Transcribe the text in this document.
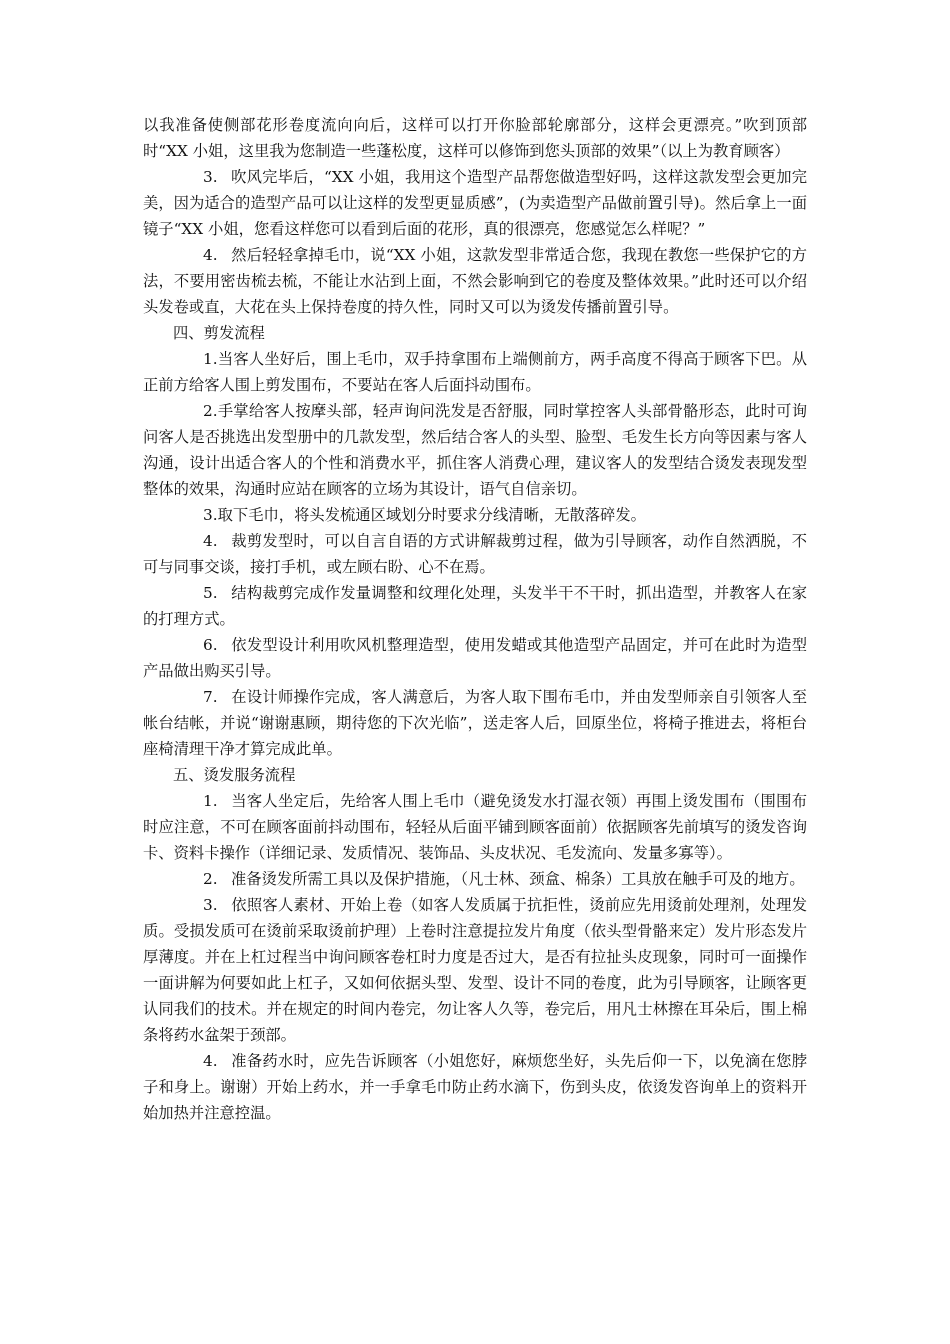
以我准备使侧部花形卷度流向向后，这样可以打开你脸部轮廓部分，这样会更漂亮。”吹到顶部时“XX 小姐，这里我为您制造一些蓬松度，这样可以修饰到您头顶部的效果”（以上为教育顾客）

3. 吹风完毕后，“XX 小姐，我用这个造型产品帮您做造型好吗，这样这款发型会更加完美，因为适合的造型产品可以让这样的发型更显质感”，(为卖造型产品做前置引导)。然后拿上一面镜子“XX 小姐，您看这样您可以看到后面的花形，真的很漂亮，您感觉怎么样呢？”

4. 然后轻轻拿掉毛巾，说“XX 小姐，这款发型非常适合您，我现在教您一些保护它的方法，不要用密齿梳去梳，不能让水沾到上面，不然会影响到它的卷度及整体效果。”此时还可以介绍头发卷或直，大花在头上保持卷度的持久性，同时又可以为烫发传播前置引导。

四、剪发流程

1.当客人坐好后，围上毛巾，双手持拿围布上端侧前方，两手高度不得高于顾客下巴。从正前方给客人围上剪发围布，不要站在客人后面抖动围布。

2.手掌给客人按摩头部，轻声询问洗发是否舒服，同时掌控客人头部骨骼形态，此时可询问客人是否挑选出发型册中的几款发型，然后结合客人的头型、脸型、毛发生长方向等因素与客人沟通，设计出适合客人的个性和消费水平，抓住客人消费心理，建议客人的发型结合烫发表现发型整体的效果，沟通时应站在顾客的立场为其设计，语气自信亲切。

3.取下毛巾，将头发梳通区域划分时要求分线清晰，无散落碎发。

4. 裁剪发型时，可以自言自语的方式讲解裁剪过程，做为引导顾客，动作自然洒脱，不可与同事交谈，接打手机，或左顾右盼、心不在焉。

5. 结构裁剪完成作发量调整和纹理化处理，头发半干不干时，抓出造型，并教客人在家的打理方式。

6. 依发型设计利用吹风机整理造型，使用发蜡或其他造型产品固定，并可在此时为造型产品做出购买引导。

7. 在设计师操作完成，客人满意后，为客人取下围布毛巾，并由发型师亲自引领客人至帐台结帐，并说“谢谢惠顾，期待您的下次光临”，送走客人后，回原坐位，将椅子推进去，将柜台座椅清理干净才算完成此单。

五、烫发服务流程

1. 当客人坐定后，先给客人围上毛巾（避免烫发水打湿衣领）再围上烫发围布（围围布时应注意，不可在顾客面前抖动围布，轻轻从后面平铺到顾客面前）依据顾客先前填写的烫发咨询卡、资料卡操作（详细记录、发质情况、装饰品、头皮状况、毛发流向、发量多寡等）。

2. 准备烫发所需工具以及保护措施，（凡士林、颈盒、棉条）工具放在触手可及的地方。

3. 依照客人素材、开始上卷（如客人发质属于抗拒性，烫前应先用烫前处理剂，处理发质。受损发质可在烫前采取烫前护理）上卷时注意提拉发片角度（依头型骨骼来定）发片形态发片厚薄度。并在上杠过程当中询问顾客卷杠时力度是否过大，是否有拉扯头皮现象，同时可一面操作一面讲解为何要如此上杠子，又如何依据头型、发型、设计不同的卷度，此为引导顾客，让顾客更认同我们的技术。并在规定的时间内卷完，勿让客人久等，卷完后，用凡士林擦在耳朵后，围上棉条将药水盆架于颈部。

4. 准备药水时，应先告诉顾客（小姐您好，麻烦您坐好，头先后仰一下，以免滴在您脖子和身上。谢谢）开始上药水，并一手拿毛巾防止药水滴下，伤到头皮，依烫发咨询单上的资料开始加热并注意控温。
